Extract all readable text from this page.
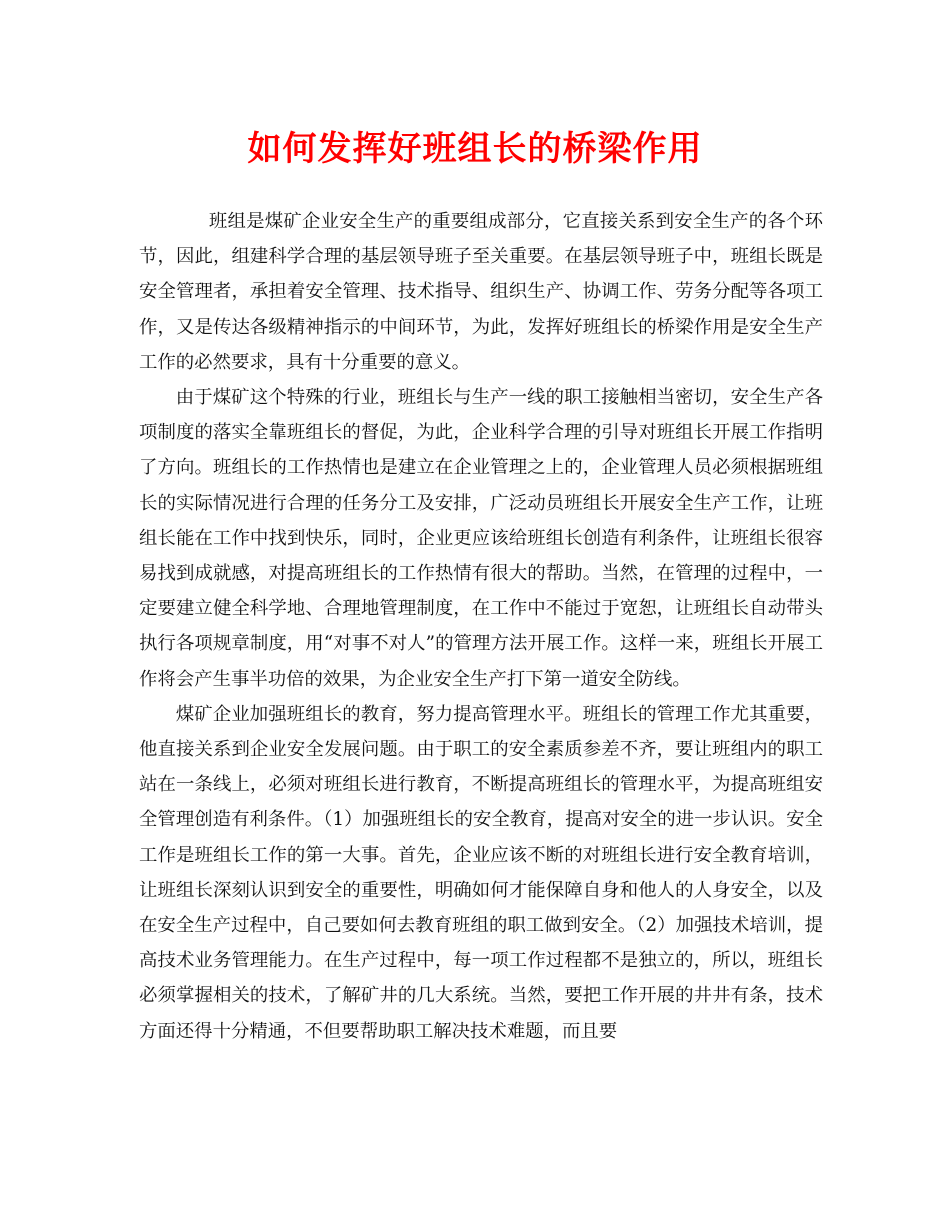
如何发挥好班组长的桥梁作用

班组是煤矿企业安全生产的重要组成部分，它直接关系到安全生产的各个环节，因此，组建科学合理的基层领导班子至关重要。在基层领导班子中，班组长既是安全管理者，承担着安全管理、技术指导、组织生产、协调工作、劳务分配等各项工作，又是传达各级精神指示的中间环节，为此，发挥好班组长的桥梁作用是安全生产工作的必然要求，具有十分重要的意义。

由于煤矿这个特殊的行业，班组长与生产一线的职工接触相当密切，安全生产各项制度的落实全靠班组长的督促，为此，企业科学合理的引导对班组长开展工作指明了方向。班组长的工作热情也是建立在企业管理之上的，企业管理人员必须根据班组长的实际情况进行合理的任务分工及安排，广泛动员班组长开展安全生产工作，让班组长能在工作中找到快乐，同时，企业更应该给班组长创造有利条件，让班组长很容易找到成就感，对提高班组长的工作热情有很大的帮助。当然，在管理的过程中，一定要建立健全科学地、合理地管理制度，在工作中不能过于宽恕，让班组长自动带头执行各项规章制度，用“对事不对人”的管理方法开展工作。这样一来，班组长开展工作将会产生事半功倍的效果，为企业安全生产打下第一道安全防线。

煤矿企业加强班组长的教育，努力提高管理水平。班组长的管理工作尤其重要，他直接关系到企业安全发展问题。由于职工的安全素质参差不齐，要让班组内的职工站在一条线上，必须对班组长进行教育，不断提高班组长的管理水平，为提高班组安全管理创造有利条件。（1）加强班组长的安全教育，提高对安全的进一步认识。安全工作是班组长工作的第一大事。首先，企业应该不断的对班组长进行安全教育培训，让班组长深刻认识到安全的重要性，明确如何才能保障自身和他人的人身安全，以及在安全生产过程中，自己要如何去教育班组的职工做到安全。（2）加强技术培训，提高技术业务管理能力。在生产过程中，每一项工作过程都不是独立的，所以，班组长必须掌握相关的技术，了解矿井的几大系统。当然，要把工作开展的井井有条，技术方面还得十分精通，不但要帮助职工解决技术难题，而且要
